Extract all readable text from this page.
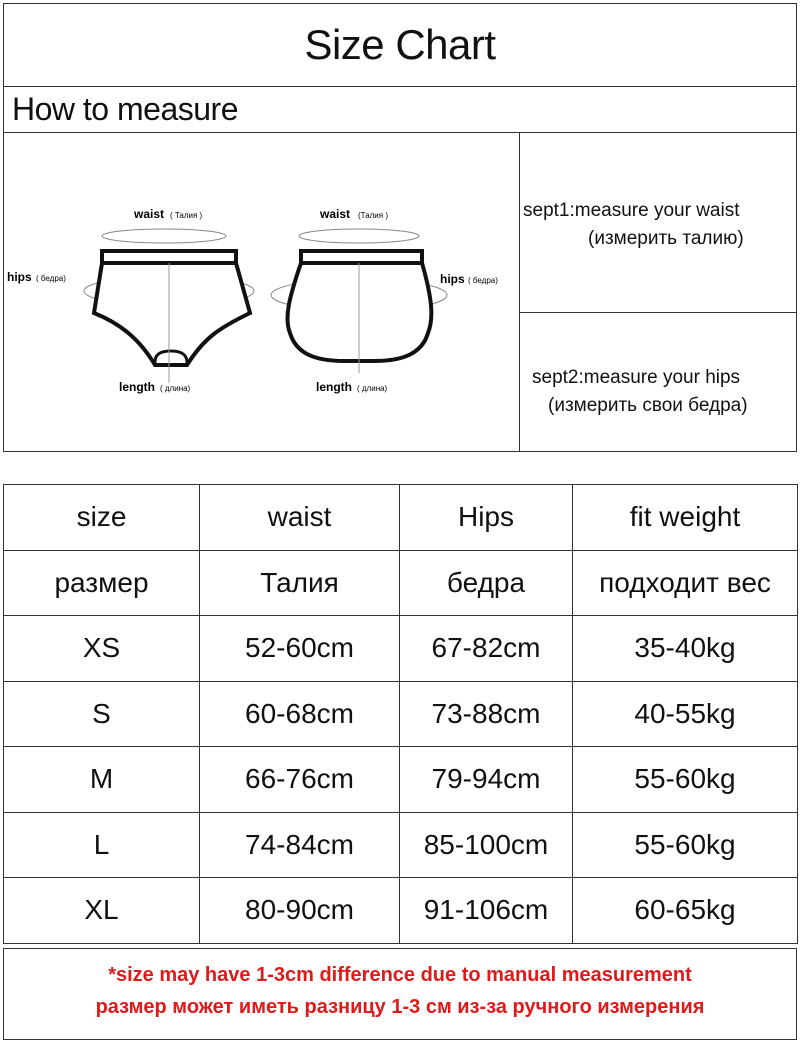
Size Chart
How to measure
waist ( Талия )
hips ( бедра)
length ( длина)
waist (Талия )
hips ( бедра)
length ( длина)
sept1:measure your waist
(измерить талию)
sept2:measure your hips
(измерить свои бедра)
size	waist	Hips	fit weight
размер	Талия	бедра	подходит вес
XS	52-60cm	67-82cm	35-40kg
S	60-68cm	73-88cm	40-55kg
M	66-76cm	79-94cm	55-60kg
L	74-84cm	85-100cm	55-60kg
XL	80-90cm	91-106cm	60-65kg
*size may have 1-3cm difference due to manual measurement
размер может иметь разницу 1-3 см из-за ручного измерения
